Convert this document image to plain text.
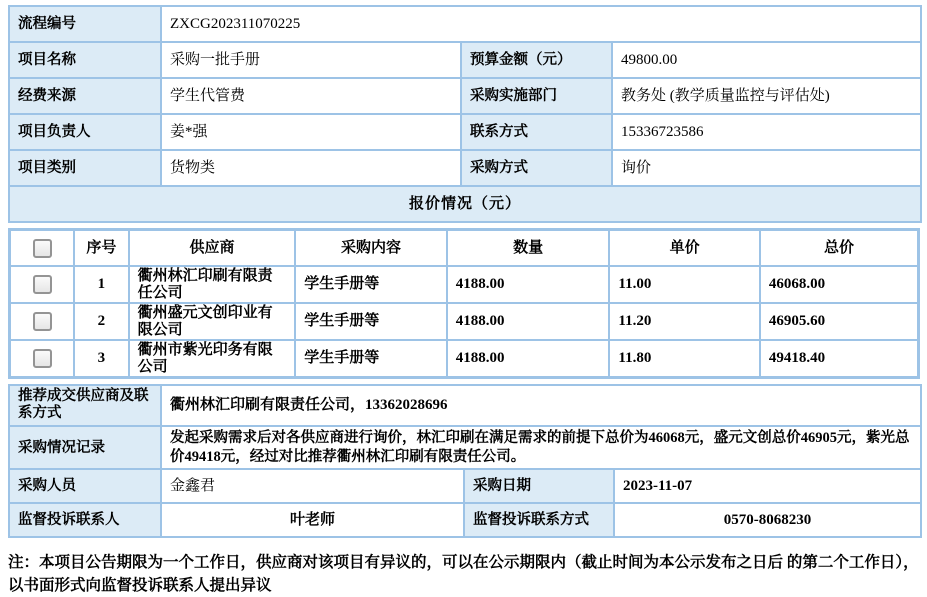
流程编号	ZXCG202311070225		
项目名称	采购一批手册	预算金额（元）	49800.00
经费来源	学生代管费	采购实施部门	教务处 (教学质量监控与评估处)
项目负责人	姜*强	联系方式	15336723586
项目类别	货物类	采购方式	询价
报价情况（元）			
	序号	供应商	采购内容	数量	单价	总价

	1	衢州林汇印刷有限责任公司	学生手册等	4188.00	11.00	46068.00

	2	衢州盛元文创印业有限公司	学生手册等	4188.00	11.20	46905.60

	3	衢州市紫光印务有限公司	学生手册等	4188.00	11.80	49418.40
推荐成交供应商及联系方式	衢州林汇印刷有限责任公司，13362028696		
采购情况记录	发起采购需求后对各供应商进行询价，林汇印刷在满足需求的前提下总价为46068元，盛元文创总价46905元，紫光总价49418元，经过对比推荐衢州林汇印刷有限责任公司。		
采购人员	金鑫君	采购日期	2023-11-07
监督投诉联系人	叶老师	监督投诉联系方式	0570-8068230
注：本项目公告期限为一个工作日，供应商对该项目有异议的，可以在公示期限内（截止时间为本公示发布之日后 的第二个工作日），以书面形式向监督投诉联系人提出异议
